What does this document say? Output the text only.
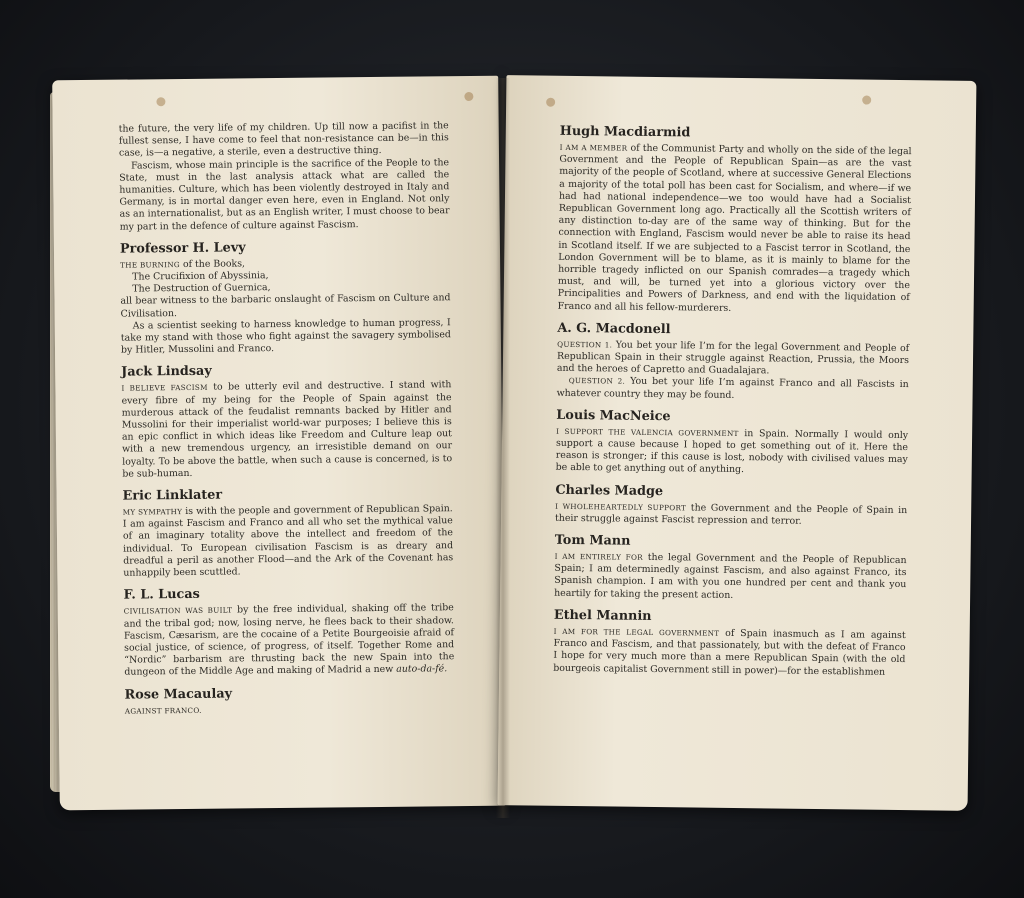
the future, the very life of my children. Up till now a pacifist in the fullest sense, I have come to feel that non-resistance can be—in this case, is—a negative, a sterile, even a destructive thing.

Fascism, whose main principle is the sacrifice of the People to the State, must in the last analysis attack what are called the humanities. Culture, which has been violently destroyed in Italy and Germany, is in mortal danger even here, even in England. Not only as an internationalist, but as an English writer, I must choose to bear my part in the defence of culture against Fascism.

Professor H. Levy
THE BURNING of the Books,
The Crucifixion of Abyssinia,
The Destruction of Guernica,

all bear witness to the barbaric onslaught of Fascism on Culture and Civilisation.

As a scientist seeking to harness knowledge to human progress, I take my stand with those who fight against the savagery symbolised by Hitler, Mussolini and Franco.

Jack Lindsay

I BELIEVE FASCISM to be utterly evil and destructive. I stand with every fibre of my being for the People of Spain against the murderous attack of the feudalist remnants backed by Hitler and Mussolini for their imperialist world-war purposes; I believe this is an epic conflict in which ideas like Freedom and Culture leap out with a new tremendous urgency, an irresistible demand on our loyalty. To be above the battle, when such a cause is concerned, is to be sub-human.

Eric Linklater

MY SYMPATHY is with the people and government of Republican Spain. I am against Fascism and Franco and all who set the mythical value of an imaginary totality above the intellect and freedom of the individual. To European civilisation Fascism is as dreary and dreadful a peril as another Flood—and the Ark of the Covenant has unhappily been scuttled.

F. L. Lucas

CIVILISATION WAS BUILT by the free individual, shaking off the tribe and the tribal god; now, losing nerve, he flees back to their shadow. Fascism, Cæsarism, are the cocaine of a Petite Bourgeoisie afraid of social justice, of science, of progress, of itself. Together Rome and “Nordic” barbarism are thrusting back the new Spain into the dungeon of the Middle Age and making of Madrid a new auto-da-fé.

Rose Macaulay

AGAINST FRANCO.

Hugh Macdiarmid

I AM A MEMBER of the Communist Party and wholly on the side of the legal Government and the People of Republican Spain—as are the vast majority of the people of Scotland, where at successive General Elections a majority of the total poll has been cast for Socialism, and where—if we had had national independence—we too would have had a Socialist Republican Government long ago. Practically all the Scottish writers of any distinction to-day are of the same way of thinking. But for the connection with England, Fascism would never be able to raise its head in Scotland itself. If we are subjected to a Fascist terror in Scotland, the London Government will be to blame, as it is mainly to blame for the horrible tragedy inflicted on our Spanish comrades—a tragedy which must, and will, be turned yet into a glorious victory over the Principalities and Powers of Darkness, and end with the liquidation of Franco and all his fellow-murderers.

A. G. Macdonell

QUESTION 1. You bet your life I’m for the legal Government and People of Republican Spain in their struggle against Reaction, Prussia, the Moors and the heroes of Capretto and Guadalajara.

QUESTION 2. You bet your life I’m against Franco and all Fascists in whatever country they may be found.

Louis MacNeice

I SUPPORT THE VALENCIA GOVERNMENT in Spain. Normally I would only support a cause because I hoped to get something out of it. Here the reason is stronger; if this cause is lost, nobody with civilised values may be able to get anything out of anything.

Charles Madge

I WHOLEHEARTEDLY SUPPORT the Government and the People of Spain in their struggle against Fascist repression and terror.

Tom Mann

I AM ENTIRELY FOR the legal Government and the People of Republican Spain; I am determinedly against Fascism, and also against Franco, its Spanish champion. I am with you one hundred per cent and thank you heartily for taking the present action.

Ethel Mannin

I AM FOR THE LEGAL GOVERNMENT of Spain inasmuch as I am against Franco and Fascism, and that passionately, but with the defeat of Franco I hope for very much more than a mere Republican Spain (with the old bourgeois capitalist Government still in power)—for the establishmen
